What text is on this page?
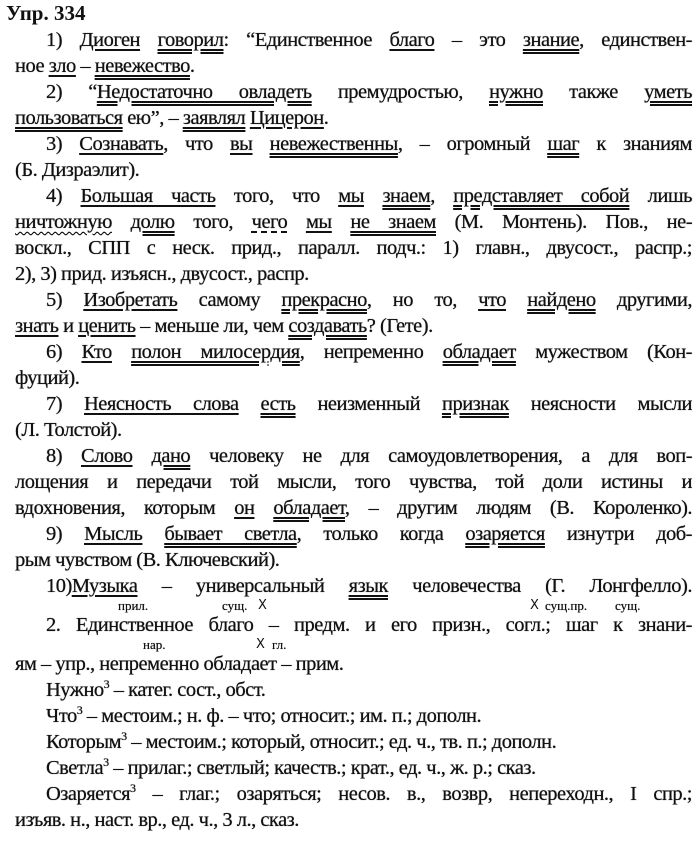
Упр. 334
1) Диоген говорил: “Единственное благо – это знание, единствен-
ное зло – невежество.
2) “Недостаточно овладеть премудростью, нужно также уметь
пользоваться ею”, – заявлял Цицерон.
3) Сознавать, что вы невежественны, – огромный шаг к знаниям
(Б. Дизраэлит).
4) Большая часть того, что мы знаем, представляет собой лишь
ничтожную долю того, чего мы не знаем (М. Монтень). Пов., не-
воскл., СПП с неск. прид., паралл. подч.: 1) главн., двусост., распр.;
2), 3) прид. изъясн., двусост., распр.
5) Изобретать самому прекрасно, но то, что найдено другими,
знать и ценить – меньше ли, чем создавать? (Гете).
6) Кто полон милосердия, непременно обладает мужеством (Кон-
фуций).
7) Неясность слова есть неизменный признак неясности мысли
(Л. Толстой).
8) Слово дано человеку не для самоудовлетворения, а для воп-
лощения и передачи той мысли, того чувства, той доли истины и
вдохновения, которым он обладает, – другим людям (В. Короленко).
9) Мысль бывает светла, только когда озаряется изнутри доб-
рым чувством (В. Ключевский).
10)Музыка – универсальный язык человечества (Г. Лонгфелло).
2. Единственное благо – предм. и его призн., согл.; шаг к знани-
ям – упр., непременно обладает – прим.
Нужно$^3$ – катег. сост., обст.
Что$^3$ – местоим.; н. ф. – что; относит.; им. п.; дополн.
Которым$^3$ – местоим.; который, относит.; ед. ч., тв. п.; дополн.
Светла$^3$ – прилаг.; светлый; качеств.; крат., ед. ч., ж. р.; сказ.
Озаряется$^3$ – глаг.; озаряться; несов. в., возвр, непереходн., I спр.;
изъяв. н., наст. вр., ед. ч., 3 л., сказ.
прил.	сущ. X	X сущ.пр. сущ.
нар.	X гл.
